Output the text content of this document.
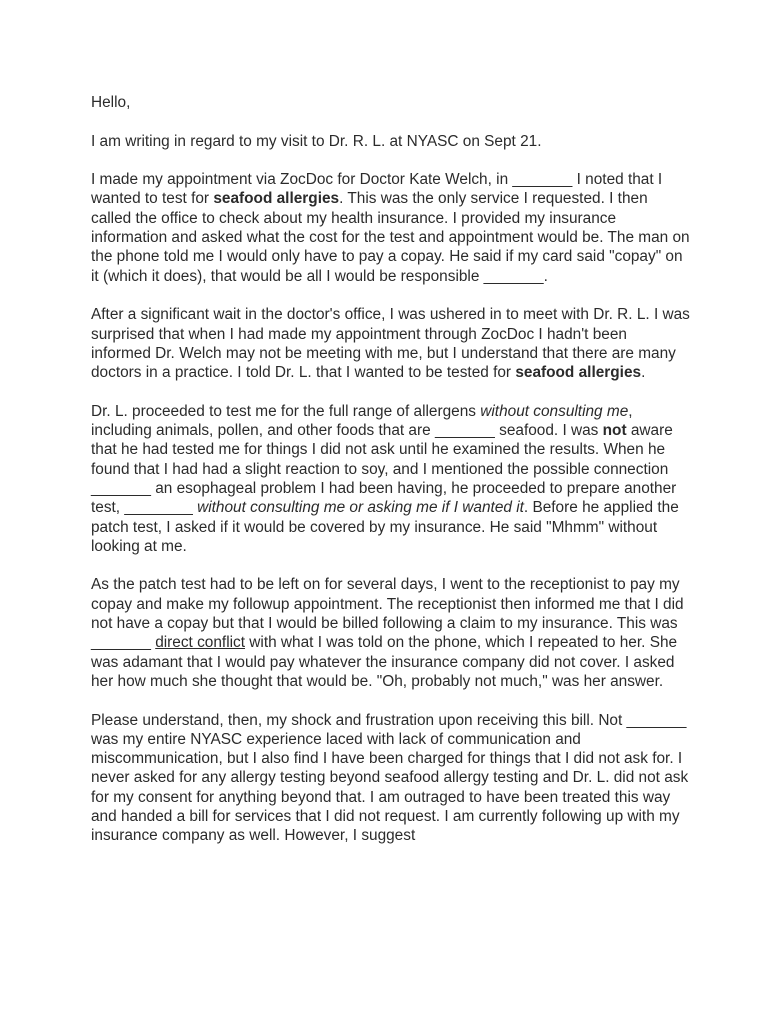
Hello,

I am writing in regard to my visit to Dr. R. L. at NYASC on Sept 21.

I made my appointment via ZocDoc for Doctor Kate Welch, in _______ I noted that I wanted to test for seafood allergies. This was the only service I requested. I then called the office to check about my health insurance. I provided my insurance information and asked what the cost for the test and appointment would be. The man on the phone told me I would only have to pay a copay. He said if my card said "copay" on it (which it does), that would be all I would be responsible _______.

After a significant wait in the doctor's office, I was ushered in to meet with Dr. R. L. I was surprised that when I had made my appointment through ZocDoc I hadn't been informed Dr. Welch may not be meeting with me, but I understand that there are many doctors in a practice. I told Dr. L. that I wanted to be tested for seafood allergies.

Dr. L. proceeded to test me for the full range of allergens without consulting me, including animals, pollen, and other foods that are _______ seafood. I was not aware that he had tested me for things I did not ask until he examined the results. When he found that I had had a slight reaction to soy, and I mentioned the possible connection _______ an esophageal problem I had been having, he proceeded to prepare another test, ________ without consulting me or asking me if I wanted it. Before he applied the patch test, I asked if it would be covered by my insurance. He said "Mhmm" without looking at me.

As the patch test had to be left on for several days, I went to the receptionist to pay my copay and make my followup appointment. The receptionist then informed me that I did not have a copay but that I would be billed following a claim to my insurance. This was _______ direct conflict with what I was told on the phone, which I repeated to her. She was adamant that I would pay whatever the insurance company did not cover. I asked her how much she thought that would be. "Oh, probably not much," was her answer.

Please understand, then, my shock and frustration upon receiving this bill. Not _______ was my entire NYASC experience laced with lack of communication and miscommunication, but I also find I have been charged for things that I did not ask for. I never asked for any allergy testing beyond seafood allergy testing and Dr. L. did not ask for my consent for anything beyond that. I am outraged to have been treated this way and handed a bill for services that I did not request. I am currently following up with my insurance company as well. However, I suggest
